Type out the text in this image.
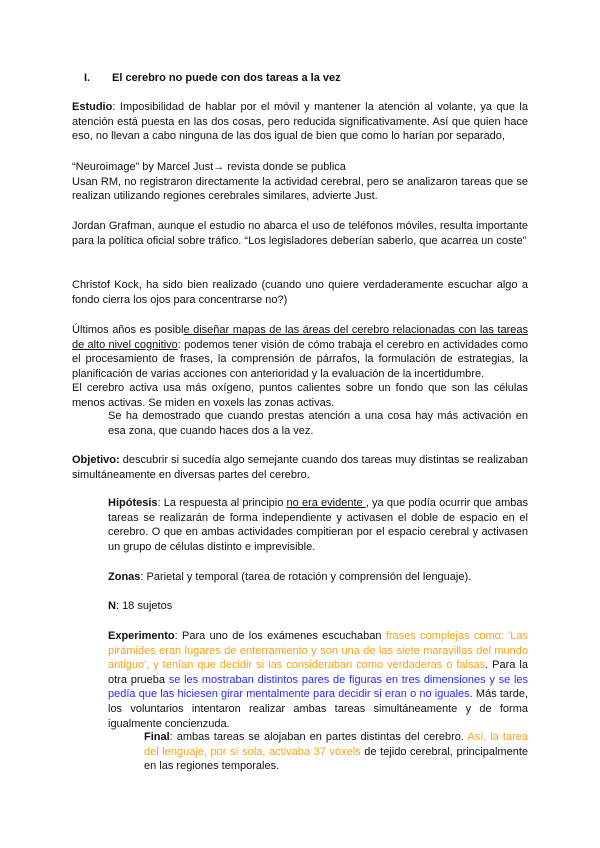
I. El cerebro no puede con dos tareas a la vez
Estudio: Imposibilidad de hablar por el móvil y mantener la atención al volante, ya que la atención está puesta en las dos cosas, pero reducida significativamente. Así que quien hace eso, no llevan a cabo ninguna de las dos igual de bien que como lo harían por separado,
“Neuroimage” by Marcel Just→ revista donde se publica
Usan RM, no registraron directamente la actividad cerebral, pero se analizaron tareas que se realizan utilizando regiones cerebrales similares, advierte Just.
Jordan Grafman, aunque el estudio no abarca el uso de teléfonos móviles, resulta importante para la política oficial sobre tráfico. “Los legisladores deberían saberlo, que acarrea un coste”
Christof Kock, ha sido bien realizado (cuando uno quiere verdaderamente escuchar algo a fondo cierra los ojos para concentrarse no?)
Últimos años es posible diseñar mapas de las áreas del cerebro relacionadas con las tareas de alto nivel cognitivo: podemos tener visión de cómo trabaja el cerebro en actividades como el procesamiento de frases, la comprensión de párrafos, la formulación de estrategias, la planificación de varias acciones con anterioridad y la evaluación de la incertidumbre.
El cerebro activa usa más oxígeno, puntos calientes sobre un fondo que son las células menos activas. Se miden en voxels las zonas activas.
Se ha demostrado que cuando prestas atención a una cosa hay más activación en esa zona, que cuando haces dos a la vez.
Objetivo: descubrir si sucedía algo semejante cuando dos tareas muy distintas se realizaban simultáneamente en diversas partes del cerebro.
Hipótesis: La respuesta al principio no era evidente , ya que podía ocurrir que ambas tareas se realizarán de forma independiente y activasen el doble de espacio en el cerebro. O que en ambas actividades compitieran por el espacio cerebral y activasen un grupo de células distinto e imprevisible.
Zonas: Parietal y temporal (tarea de rotación y comprensión del lenguaje).
N: 18 sujetos
Experimento: Para uno de los exámenes escuchaban frases complejas como: 'Las pirámides eran lugares de enterramiento y son una de las siete maravillas del mundo antiguo', y tenían que decidir si las consideraban como verdaderas o falsas. Para la otra prueba se les mostraban distintos pares de figuras en tres dimensiones y se les pedía que las hiciesen girar mentalmente para decidir si eran o no iguales. Más tarde, los voluntarios intentaron realizar ambas tareas simultáneamente y de forma igualmente concienzuda.
Final: ambas tareas se alojaban en partes distintas del cerebro. Así, la tarea del lenguaje, por sí sola, activaba 37 vóxels de tejido cerebral, principalmente en las regiones temporales.
